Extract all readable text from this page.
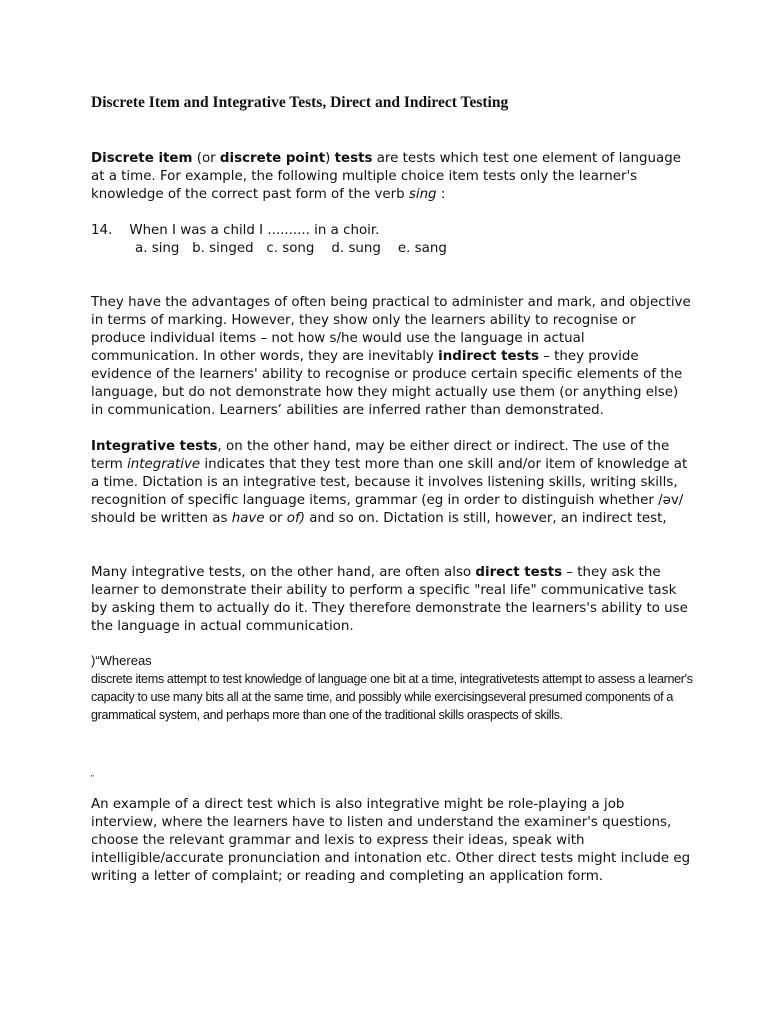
Discrete Item and Integrative Tests, Direct and Indirect Testing

Discrete item (or discrete point) tests are tests which test one element of language at a time. For example, the following multiple choice item tests only the learner's knowledge of the correct past form of the verb sing :

14. When I was a child I .......... in a choir.
a. sing   b. singed   c. song    d. sung    e. sang

They have the advantages of often being practical to administer and mark, and objective in terms of marking. However, they show only the learners ability to recognise or produce individual items – not how s/he would use the language in actual communication. In other words, they are inevitably indirect tests – they provide evidence of the learners' ability to recognise or produce certain specific elements of the language, but do not demonstrate how they might actually use them (or anything else) in communication. Learners’ abilities are inferred rather than demonstrated.

Integrative tests, on the other hand, may be either direct or indirect. The use of the term integrative indicates that they test more than one skill and/or item of knowledge at a time. Dictation is an integrative test, because it involves listening skills, writing skills, recognition of specific language items, grammar (eg in order to distinguish whether /əv/ should be written as have or of) and so on. Dictation is still, however, an indirect test,

Many integrative tests, on the other hand, are often also direct tests – they ask the learner to demonstrate their ability to perform a specific "real life" communicative task by asking them to actually do it. They therefore demonstrate the learners's ability to use the language in actual communication.

)“Whereas

discrete items attempt to test knowledge of language one bit at a time, integrativetests attempt to assess a learner's capacity to use many bits all at the same time, and possibly while exercisingseveral presumed components of a grammatical system, and perhaps more than one of the traditional skills oraspects of skills.

"

An example of a direct test which is also integrative might be role-playing a job interview, where the learners have to listen and understand the examiner's questions, choose the relevant grammar and lexis to express their ideas, speak with intelligible/accurate pronunciation and intonation etc. Other direct tests might include eg writing a letter of complaint; or reading and completing an application form.
